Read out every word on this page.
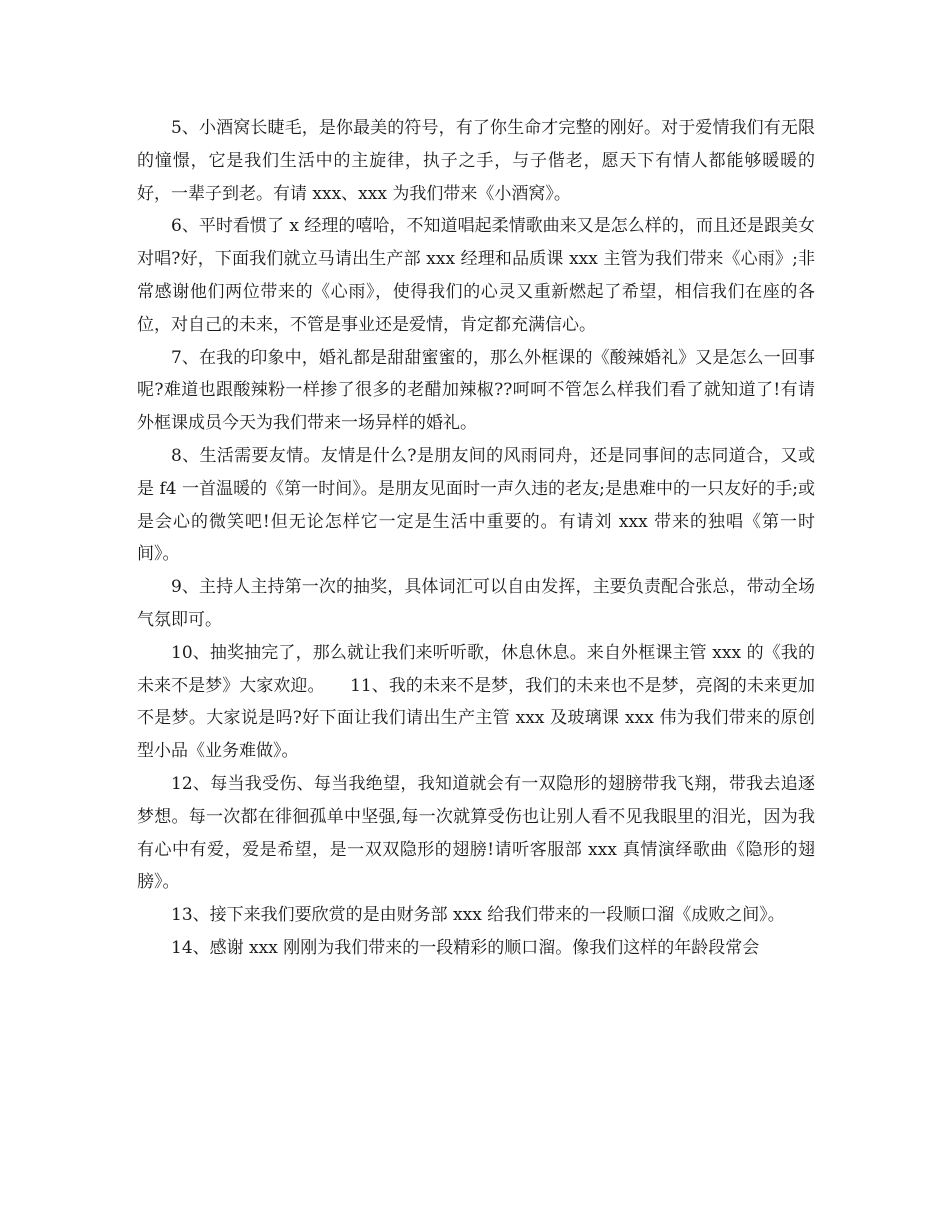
5、小酒窝长睫毛，是你最美的符号，有了你生命才完整的刚好。对于爱情我们有无限的憧憬，它是我们生活中的主旋律，执子之手，与子偕老，愿天下有情人都能够暖暖的好，一辈子到老。有请 xxx、xxx 为我们带来《小酒窝》。

6、平时看惯了 x 经理的嘻哈，不知道唱起柔情歌曲来又是怎么样的，而且还是跟美女对唱?好，下面我们就立马请出生产部 xxx 经理和品质课 xxx 主管为我们带来《心雨》;非常感谢他们两位带来的《心雨》，使得我们的心灵又重新燃起了希望，相信我们在座的各位，对自己的未来，不管是事业还是爱情，肯定都充满信心。

7、在我的印象中，婚礼都是甜甜蜜蜜的，那么外框课的《酸辣婚礼》又是怎么一回事呢?难道也跟酸辣粉一样掺了很多的老醋加辣椒??呵呵不管怎么样我们看了就知道了!有请外框课成员今天为我们带来一场异样的婚礼。

8、生活需要友情。友情是什么?是朋友间的风雨同舟，还是同事间的志同道合，又或是 f4 一首温暖的《第一时间》。是朋友见面时一声久违的老友;是患难中的一只友好的手;或是会心的微笑吧!但无论怎样它一定是生活中重要的。有请刘 xxx 带来的独唱《第一时间》。

9、主持人主持第一次的抽奖，具体词汇可以自由发挥，主要负责配合张总，带动全场气氛即可。

10、抽奖抽完了，那么就让我们来听听歌，休息休息。来自外框课主管 xxx 的《我的未来不是梦》大家欢迎。　　11、我的未来不是梦，我们的未来也不是梦，亮阁的未来更加不是梦。大家说是吗?好下面让我们请出生产主管 xxx 及玻璃课 xxx 伟为我们带来的原创型小品《业务难做》。

12、每当我受伤、每当我绝望，我知道就会有一双隐形的翅膀带我飞翔，带我去追逐梦想。每一次都在徘徊孤单中坚强,每一次就算受伤也让别人看不见我眼里的泪光，因为我有心中有爱，爱是希望，是一双双隐形的翅膀!请听客服部 xxx 真情演绎歌曲《隐形的翅膀》。

13、接下来我们要欣赏的是由财务部 xxx 给我们带来的一段顺口溜《成败之间》。

14、感谢 xxx 刚刚为我们带来的一段精彩的顺口溜。像我们这样的年龄段常会
